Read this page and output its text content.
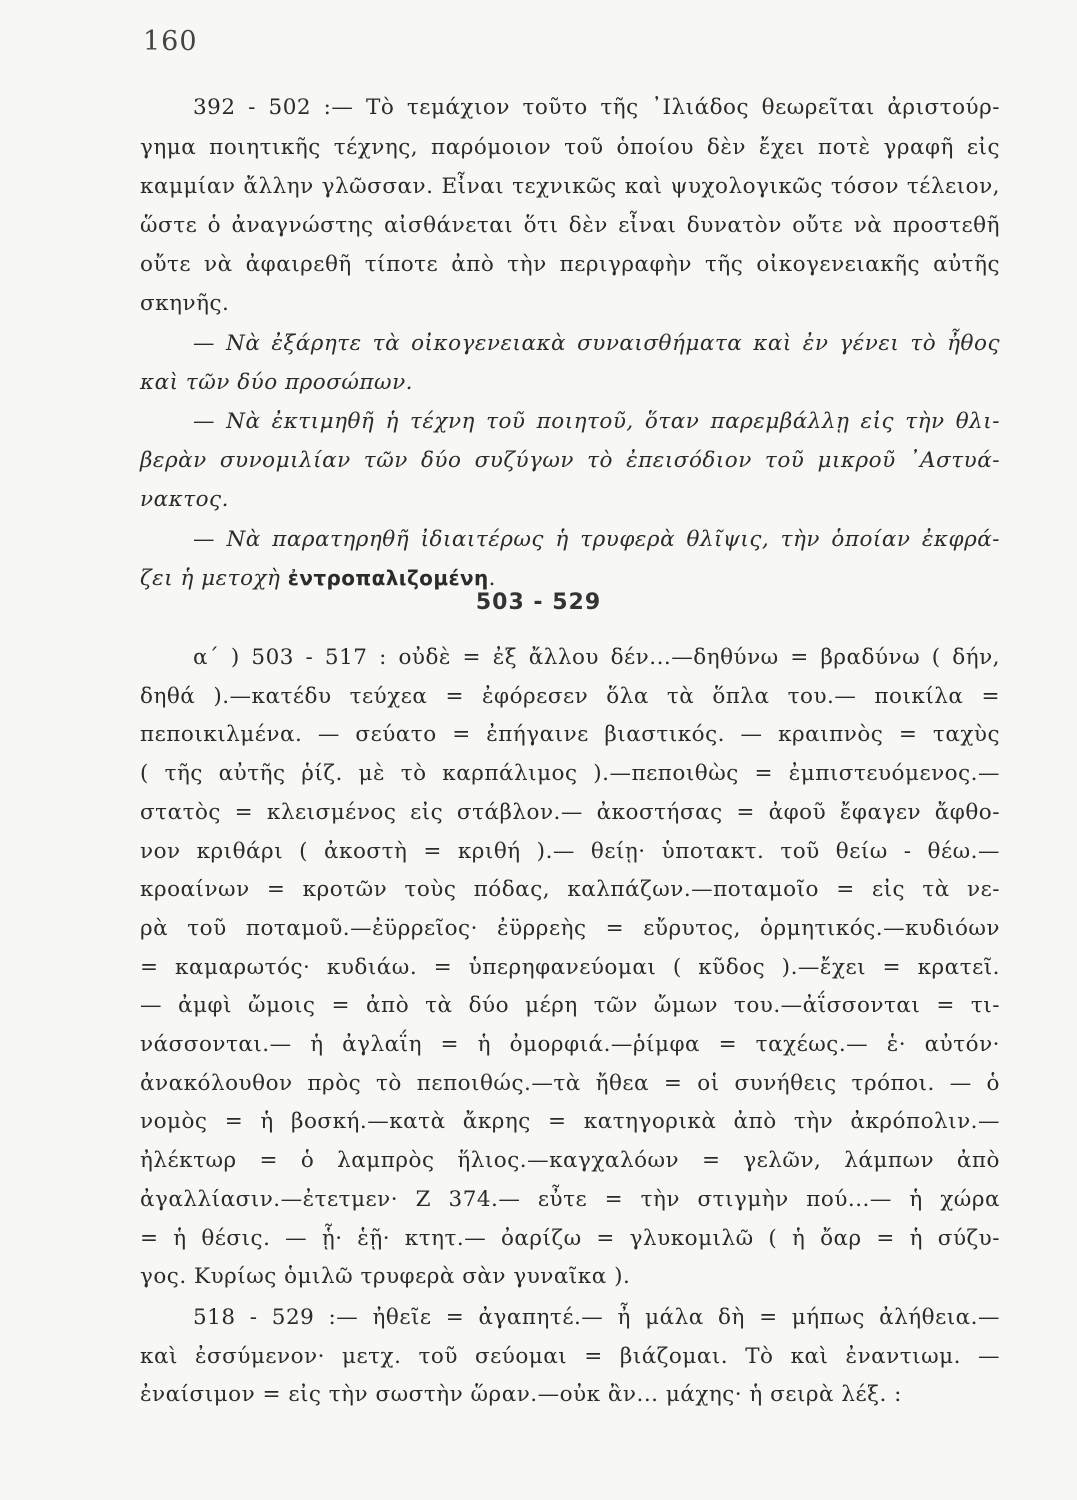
160
392 - 502 :— Τὸ τεμάχιον τοῦτο τῆς ᾿Ιλιάδος θεωρεῖται ἀριστούρ-
γημα ποιητικῆς τέχνης, παρόμοιον τοῦ ὁποίου δὲν ἔχει ποτὲ γραφῆ εἰς
καμμίαν ἄλλην γλῶσσαν. Εἶναι τεχνικῶς καὶ ψυχολογικῶς τόσον τέλειον,
ὥστε ὁ ἀναγνώστης αἰσθάνεται ὅτι δὲν εἶναι δυνατὸν οὔτε νὰ προστεθῆ
οὔτε νὰ ἀφαιρεθῆ τίποτε ἀπὸ τὴν περιγραφὴν τῆς οἰκογενειακῆς αὐτῆς
σκηνῆς.
— Νὰ ἐξάρητε τὰ οἰκογενειακὰ συναισθήματα καὶ ἐν γένει τὸ ἦθος
καὶ τῶν δύο προσώπων.
— Νὰ ἐκτιμηθῆ ἡ τέχνη τοῦ ποιητοῦ, ὅταν παρεμβάλλῃ εἰς τὴν θλι-
βερὰν συνομιλίαν τῶν δύο συζύγων τὸ ἐπεισόδιον τοῦ μικροῦ ᾿Αστυά-
νακτος.
— Νὰ παρατηρηθῆ ἰδιαιτέρως ἡ τρυφερὰ θλῖψις, τὴν ὁποίαν ἐκφρά-
ζει ἡ μετοχὴ ἐντροπαλιζομένη.
503 - 529
α΄ ) 503 - 517 : οὐδὲ = ἐξ ἄλλου δέν...—δηθύνω = βραδύνω ( δήν,
δηθά ).—κατέδυ τεύχεα = ἐφόρεσεν ὅλα τὰ ὅπλα του.— ποικίλα =
πεποικιλμένα. — σεύατο = ἐπήγαινε βιαστικός. — κραιπνὸς = ταχὺς
( τῆς αὐτῆς ῥίζ. μὲ τὸ καρπάλιμος ).—πεποιθὼς = ἐμπιστευόμενος.—
στατὸς = κλεισμένος εἰς στάβλον.— ἀκοστήσας = ἀφοῦ ἔφαγεν ἄφθο-
νον κριθάρι ( ἀκοστὴ = κριθή ).— θείῃ· ὑποτακτ. τοῦ θείω - θέω.—
κροαίνων = κροτῶν τοὺς πόδας, καλπάζων.—ποταμοῖο = εἰς τὰ νε-
ρὰ τοῦ ποταμοῦ.—ἐϋρρεῖος· ἐϋρρεὴς = εὔρυτος, ὁρμητικός.—κυδιόων
= καμαρωτός· κυδιάω. = ὑπερηφανεύομαι ( κῦδος ).—ἔχει = κρατεῖ.
— ἀμφὶ ὤμοις = ἀπὸ τὰ δύο μέρη τῶν ὤμων του.—ἀΐσσονται = τι-
νάσσονται.— ἡ ἀγλαΐη = ἡ ὀμορφιά.—ῥίμφα = ταχέως.— ἑ· αὐτόν·
ἀνακόλουθον πρὸς τὸ πεποιθώς.—τὰ ἤθεα = οἱ συνήθεις τρόποι. — ὁ
νομὸς = ἡ βοσκή.—κατὰ ἄκρης = κατηγορικὰ ἀπὸ τὴν ἀκρόπολιν.—
ἠλέκτωρ = ὁ λαμπρὸς ἥλιος.—καγχαλόων = γελῶν, λάμπων ἀπὸ
ἀγαλλίασιν.—ἐτετμεν· Ζ 374.— εὖτε = τὴν στιγμὴν πού...— ἡ χώρα
= ἡ θέσις. — ᾗ· ἑῇ· κτητ.— ὀαρίζω = γλυκομιλῶ ( ἡ ὄαρ = ἡ σύζυ-
γος. Κυρίως ὁμιλῶ τρυφερὰ σὰν γυναῖκα ).
518 - 529 :— ἠθεῖε = ἀγαπητέ.— ἦ μάλα δὴ = μήπως ἀλήθεια.—
καὶ ἐσσύμενον· μετχ. τοῦ σεύομαι = βιάζομαι. Τὸ καὶ ἐναντιωμ. —
ἐναίσιμον = εἰς τὴν σωστὴν ὥραν.—οὐκ ἂν... μάχης· ἡ σειρὰ λέξ. :
